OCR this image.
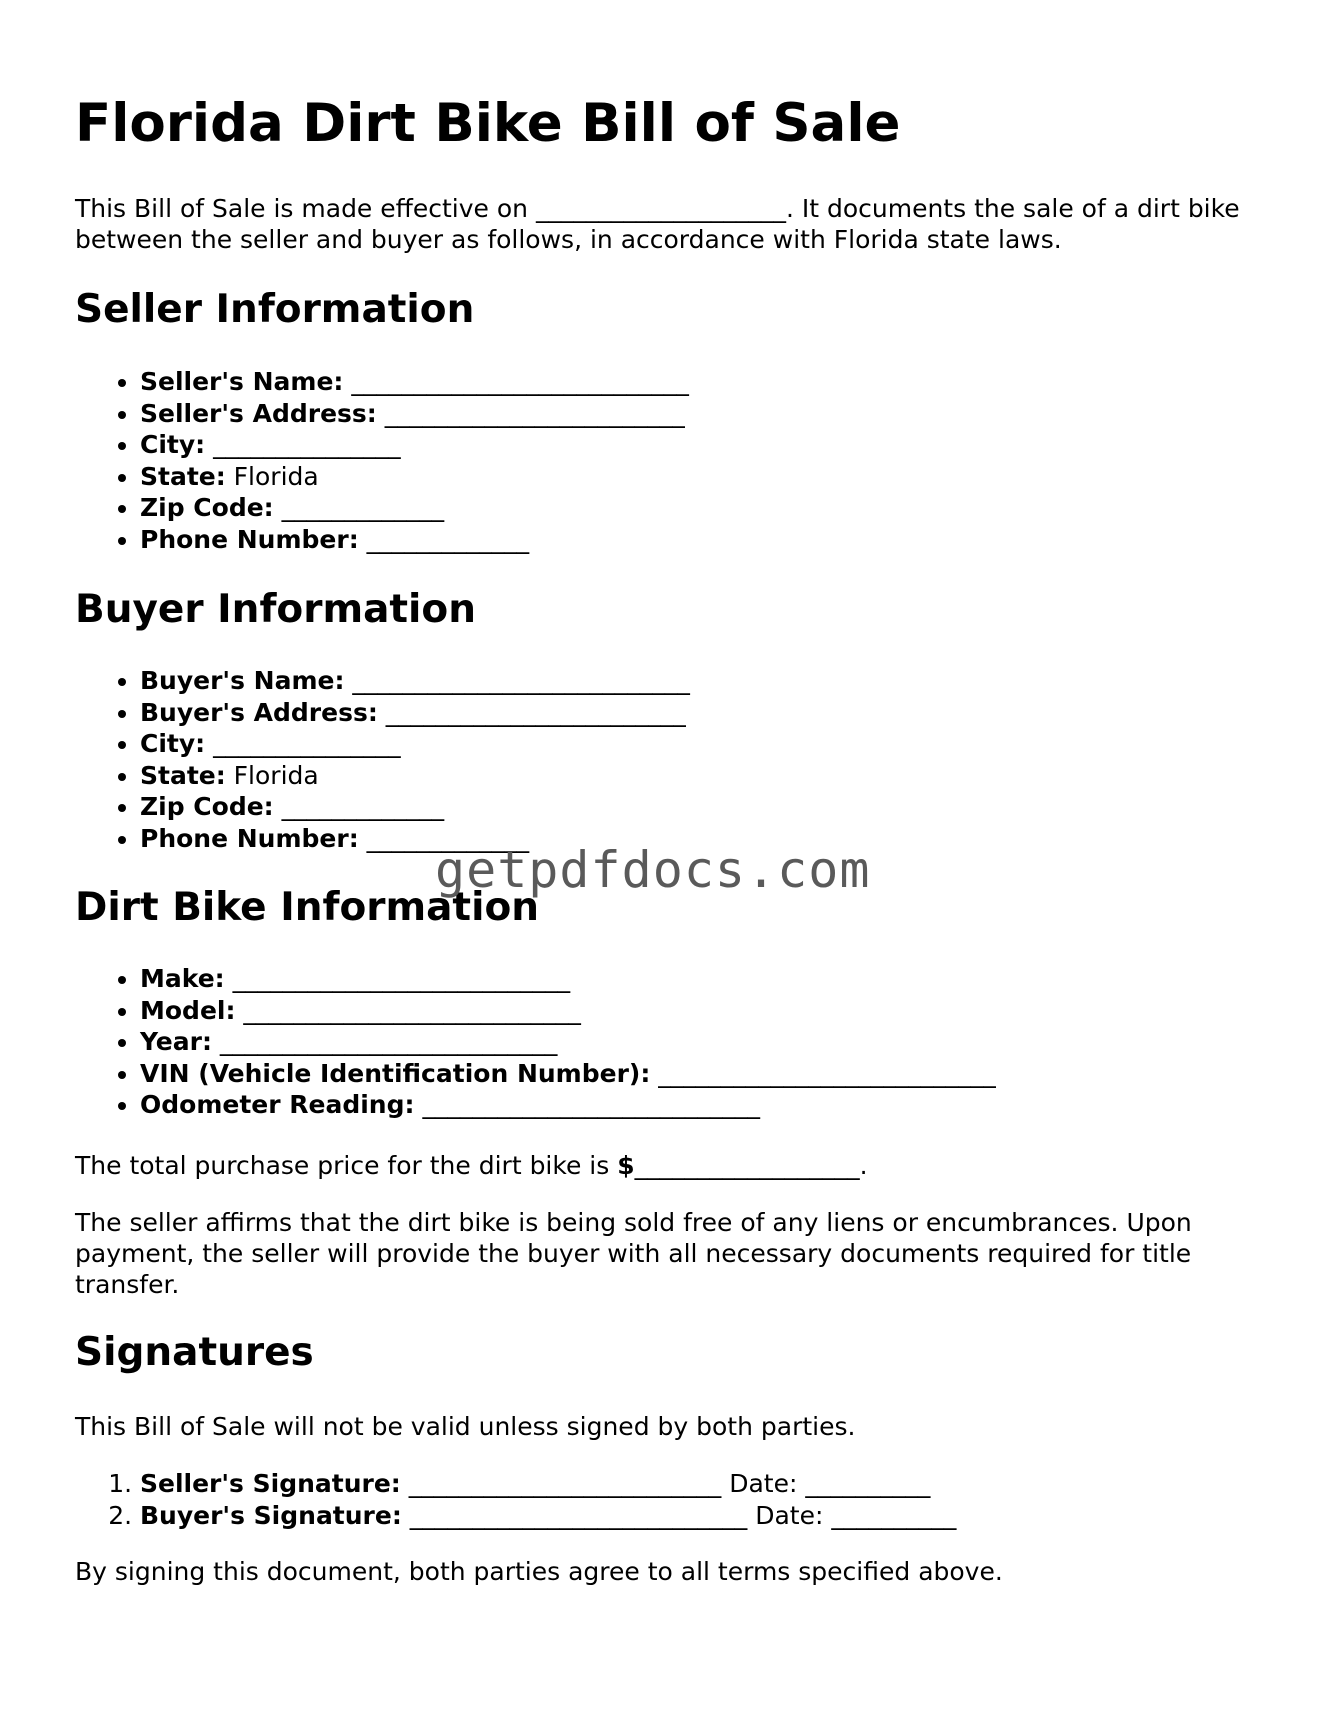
Florida Dirt Bike Bill of Sale

This Bill of Sale is made effective on ____________________. It documents the sale of a dirt bike between the seller and buyer as follows, in accordance with Florida state laws.

Seller Information
• Seller's Name: ___________________________
• Seller's Address: ________________________
• City: _______________
• State: Florida
• Zip Code: _____________
• Phone Number: _____________
Buyer Information
• Buyer's Name: ___________________________
• Buyer's Address: ________________________
• City: _______________
• State: Florida
• Zip Code: _____________
• Phone Number: _____________
Dirt Bike Information
• Make: ___________________________
• Model: ___________________________
• Year: ___________________________
• VIN (Vehicle Identification Number): ___________________________
• Odometer Reading: ___________________________

The total purchase price for the dirt bike is $__________________.

The seller affirms that the dirt bike is being sold free of any liens or encumbrances. Upon payment, the seller will provide the buyer with all necessary documents required for title transfer.

Signatures

This Bill of Sale will not be valid unless signed by both parties.

1. Seller's Signature: _________________________ Date: __________
2. Buyer's Signature: ___________________________ Date: __________

By signing this document, both parties agree to all terms specified above.

getpdfdocs.com
